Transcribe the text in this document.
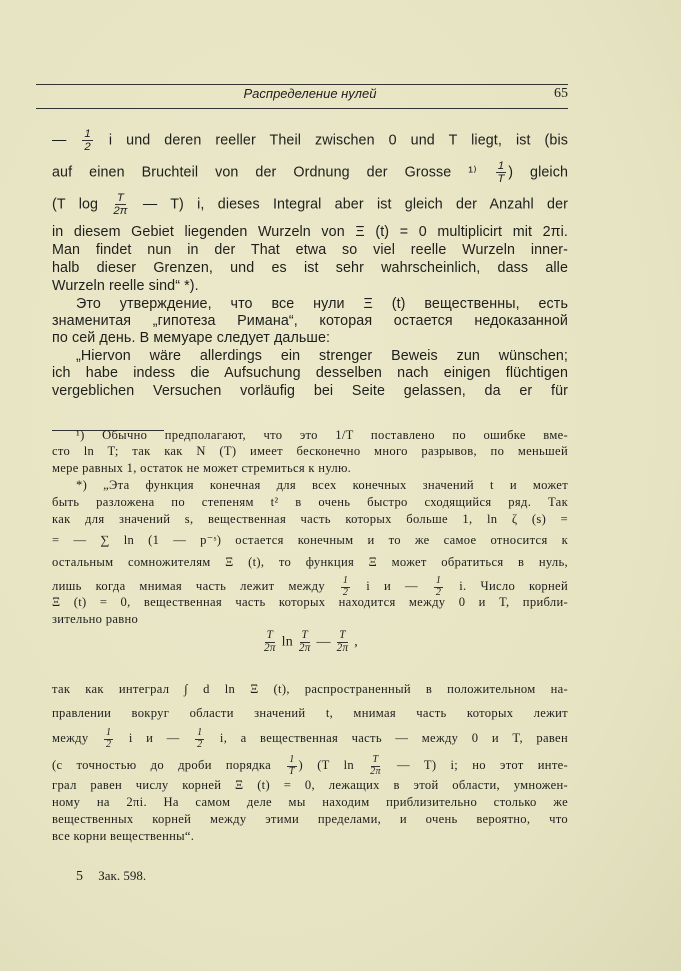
Распределение нулей	65
— $\frac{1}{2}$ i und deren reeller Theil zwischen 0 und T liegt, ist (bis
auf einen Bruchteil von der Ordnung der Grosse $^{1)} \frac{1}{T}$ ) gleich
(T $\log \frac{T}{2\pi}$ — T) i, dieses Integral aber ist gleich der Anzahl der
in diesem Gebiet liegenden Wurzeln von Ξ (t) = 0 multiplicirt mit 2πi.
Man findet nun in der That etwa so viel reelle Wurzeln inner-
halb dieser Grenzen, und es ist sehr wahrscheinlich, dass alle
Wurzeln reelle sind“ *).
Это утверждение, что все нули Ξ (t) вещественны, есть
знаменитая „гипотеза Римана“, которая остается недоказанной
по сей день. В мемуаре следует дальше:
„Hiervon wäre allerdings ein strenger Beweis zun wünschen;
ich habe indess die Aufsuchung desselben nach einigen flüchtigen
vergeblichen Versuchen vorläufig bei Seite gelassen, da er für
¹) Обычно предполагают, что это 1/T поставлено по ошибке вме-
сто ln T; так как N (T) имеет бесконечно много разрывов, по меньшей
мере равных 1, остаток не может стремиться к нулю.
*) „Эта функция конечная для всех конечных значений t и может
быть разложена по степеням t² в очень быстро сходящийся ряд. Так
как для значений s, вещественная часть которых больше 1, ln ζ (s) =
= — ∑ ln (1 — p⁻ˢ) остается конечным и то же самое относится к
остальным сомножителям Ξ (t), то функция Ξ может обратиться в нуль,
лишь когда мнимая часть лежит между $\frac{1}{2}$ i и — $\frac{1}{2} i$. Число корней
Ξ (t) = 0, вещественная часть которых находится между 0 и T, прибли-
зительно равно
$\frac{T}{2\pi}$ $\ln \frac{T}{2\pi}$ — $\frac{T}{2\pi}$ ,
так как интеграл ∫ d ln Ξ (t), распространенный в положительном на-
правлении вокруг области значений t, мнимая часть которых лежит
между $\frac{1}{2}$ i и — $\frac{1}{2} i$, а вещественная часть — между 0 и T, равен
(с точностью до дроби порядка $\frac{1}{T}$ ) (T $\ln \frac{T}{2\pi}$ — T) i; но этот инте-
грал равен числу корней Ξ (t) = 0, лежащих в этой области, умножен-
ному на 2πi. На самом деле мы находим приблизительно столько же
вещественных корней между этими пределами, и очень вероятно, что
все корни вещественны“.
5 Зак. 598.
